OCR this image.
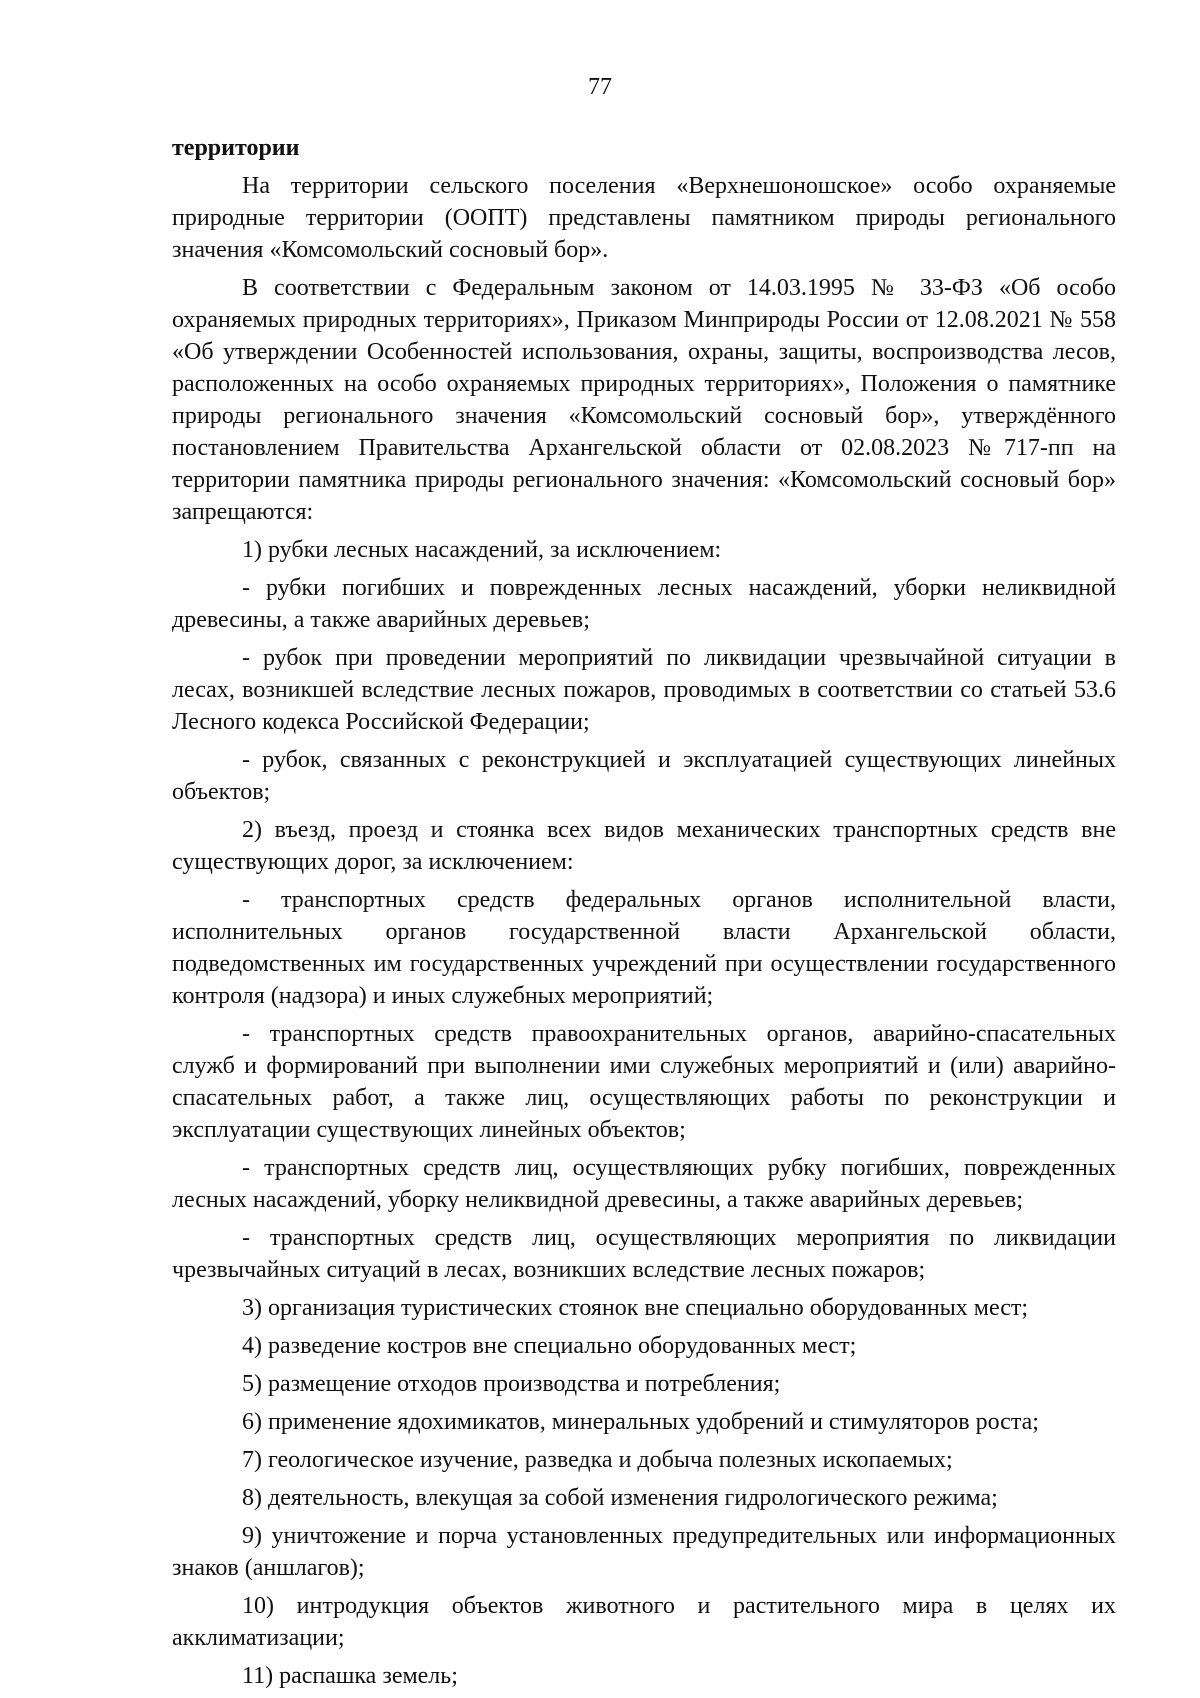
77
территории

На территории сельского поселения «Верхнешоношское» особо охраняемые природные территории (ООПТ) представлены памятником природы регионального значения «Комсомольский сосновый бор».

В соответствии с Федеральным законом от 14.03.1995 № 33-ФЗ «Об особо охраняемых природных территориях», Приказом Минприроды России от 12.08.2021 № 558 «Об утверждении Особенностей использования, охраны, защиты, воспроизводства лесов, расположенных на особо охраняемых природных территориях», Положения о памятнике природы регионального значения «Комсомольский сосновый бор», утверждённого постановлением Правительства Архангельской области от 02.08.2023 №717-пп на территории памятника природы регионального значения: «Комсомольский сосновый бор» запрещаются:

1) рубки лесных насаждений, за исключением:

- рубки погибших и поврежденных лесных насаждений, уборки неликвидной древесины, а также аварийных деревьев;

- рубок при проведении мероприятий по ликвидации чрезвычайной ситуации в лесах, возникшей вследствие лесных пожаров, проводимых в соответствии со статьей 53.6 Лесного кодекса Российской Федерации;

- рубок, связанных с реконструкцией и эксплуатацией существующих линейных объектов;

2) въезд, проезд и стоянка всех видов механических транспортных средств вне существующих дорог, за исключением:

- транспортных средств федеральных органов исполнительной власти, исполнительных органов государственной власти Архангельской области, подведомственных им государственных учреждений при осуществлении государственного контроля (надзора) и иных служебных мероприятий;

- транспортных средств правоохранительных органов, аварийно-спасательных служб и формирований при выполнении ими служебных мероприятий и (или) аварийно-спасательных работ, а также лиц, осуществляющих работы по реконструкции и эксплуатации существующих линейных объектов;

- транспортных средств лиц, осуществляющих рубку погибших, поврежденных лесных насаждений, уборку неликвидной древесины, а также аварийных деревьев;

- транспортных средств лиц, осуществляющих мероприятия по ликвидации чрезвычайных ситуаций в лесах, возникших вследствие лесных пожаров;

3) организация туристических стоянок вне специально оборудованных мест;

4) разведение костров вне специально оборудованных мест;

5) размещение отходов производства и потребления;

6) применение ядохимикатов, минеральных удобрений и стимуляторов роста;

7) геологическое изучение, разведка и добыча полезных ископаемых;

8) деятельность, влекущая за собой изменения гидрологического режима;

9) уничтожение и порча установленных предупредительных или информационных знаков (аншлагов);

10) интродукция объектов животного и растительного мира в целях их акклиматизации;

11) распашка земель;
